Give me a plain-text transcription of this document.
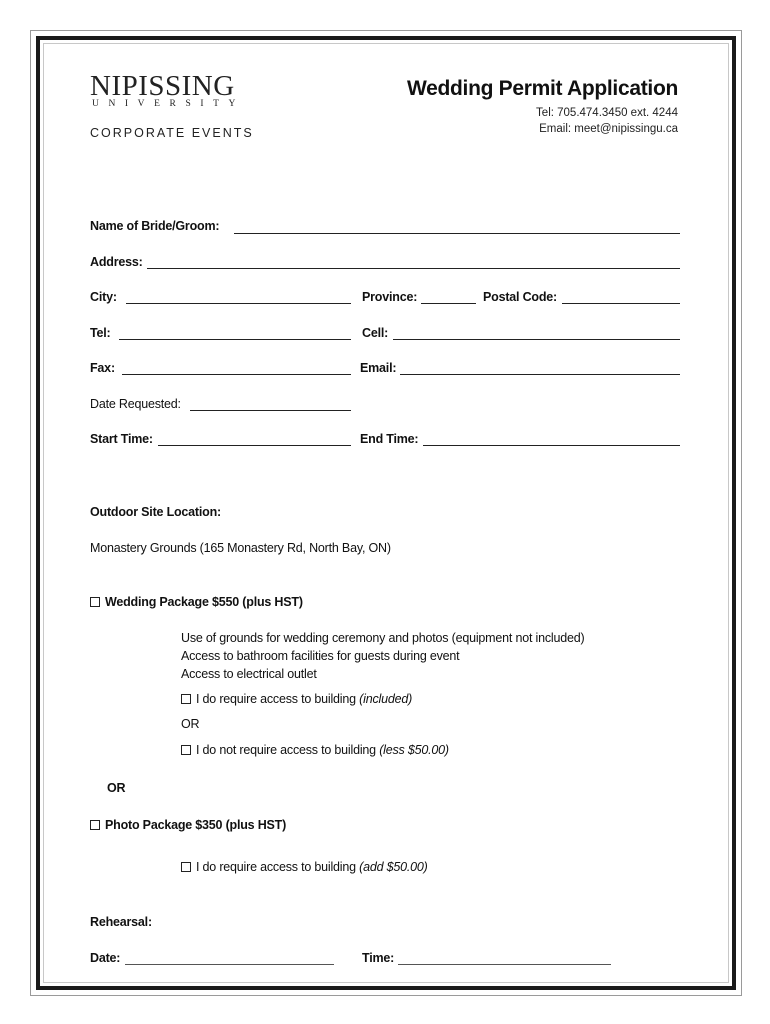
NIPISSING
UNIVERSITY
CORPORATE EVENTS
Wedding Permit Application
Tel: 705.474.3450 ext. 4244
Email: meet@nipissingu.ca
Name of Bride/Groom:
Address:
City:	Province:	Postal Code:
Tel:	Cell:
Fax:	Email:
Date Requested:
Start Time:	End Time:
Outdoor Site Location:
Monastery Grounds (165 Monastery Rd, North Bay, ON)
Wedding Package $550 (plus HST)
Use of grounds for wedding ceremony and photos (equipment not included)
Access to bathroom facilities for guests during event
Access to electrical outlet
I do require access to building (included)
OR
I do not require access to building (less $50.00)
OR
Photo Package $350 (plus HST)
I do require access to building (add $50.00)
Rehearsal:
Date:	Time:
